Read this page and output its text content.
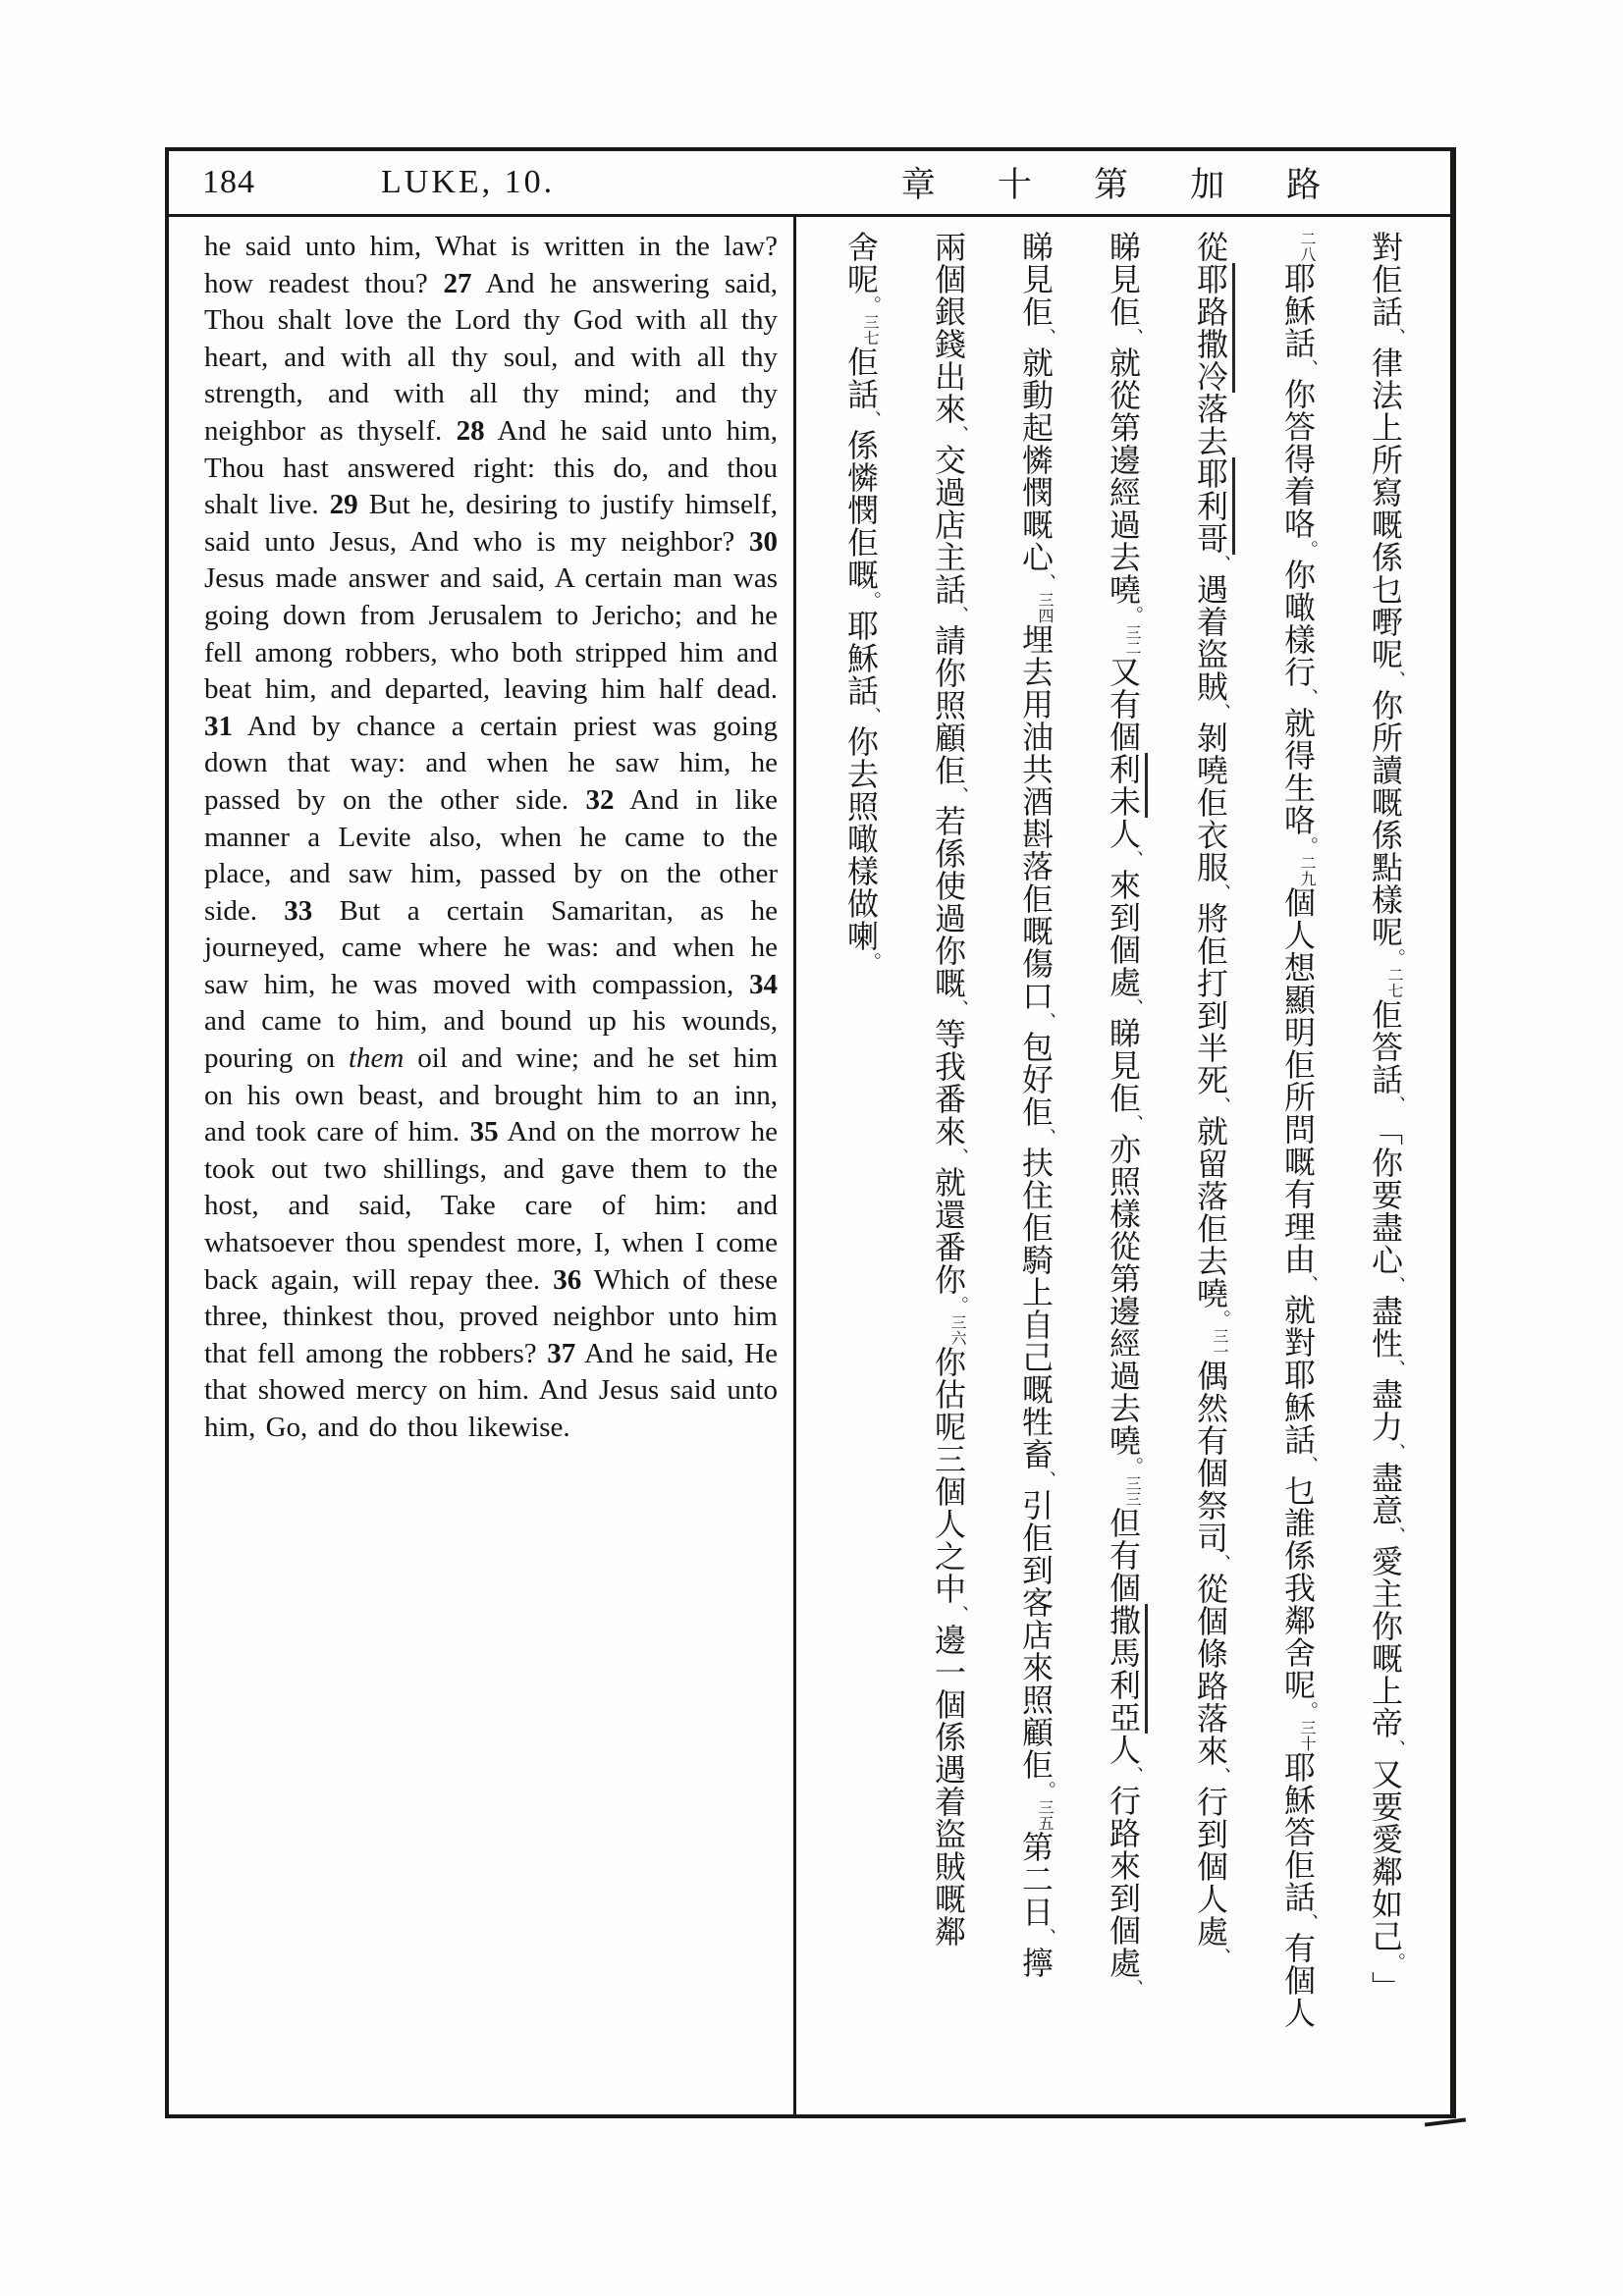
184	LUKE, 10.	章 十 第 加 路

he said unto him, What is written in the law? how readest thou? 27 And he answering said, Thou shalt love the Lord thy God with all thy heart, and with all thy soul, and with all thy strength, and with all thy mind; and thy neighbor as thyself. 28 And he said unto him, Thou hast answered right: this do, and thou shalt live. 29 But he, desiring to justify himself, said unto Jesus, And who is my neighbor? 30 Jesus made answer and said, A certain man was going down from Jerusalem to Jericho; and he fell among robbers, who both stripped him and beat him, and departed, leaving him half dead. 31 And by chance a certain priest was going down that way: and when he saw him, he passed by on the other side. 32 And in like manner a Levite also, when he came to the place, and saw him, passed by on the other side. 33 But a certain Samaritan, as he journeyed, came where he was: and when he saw him, he was moved with compassion, 34 and came to him, and bound up his wounds, pouring on them oil and wine; and he set him on his own beast, and brought him to an inn, and took care of him. 35 And on the morrow he took out two shillings, and gave them to the host, and said, Take care of him: and whatsoever thou spendest more, I, when I come back again, will repay thee. 36 Which of these three, thinkest thou, proved neighbor unto him that fell among the robbers? 37 And he said, He that showed mercy on him. And Jesus said unto him, Go, and do thou likewise.

對佢話、律法上所寫嘅係乜嘢呢、你所讀嘅係點樣呢。二七佢答話、「你要盡心、盡性、盡力、盡意、愛主你嘅上帝、又要愛鄰如己。」
二八耶穌話、你答得着咯。你噉樣行、就得生咯。二九個人想顯明佢所問嘅有理由、就對耶穌話、乜誰係我鄰舍呢。三十耶穌答佢話、有個人
從耶路撒冷落去耶利哥、遇着盜賊、剝嘵佢衣服、將佢打到半死、就留落佢去嘵。三一偶然有個祭司、從個條路落來、行到個人處、
睇見佢、就從第邊經過去嘵。三二又有個利未人、來到個處、睇見佢、亦照樣從第邊經過去嘵。三三但有個撒馬利亞人、行路來到個處、
睇見佢、就動起憐憫嘅心、三四埋去用油共酒斟落佢嘅傷口、包好佢、扶住佢騎上自己嘅牲畜、引佢到客店來照顧佢。三五第二日、擰
兩個銀錢出來、交過店主話、請你照顧佢、若係使過你嘅、等我番來、就還番你。三六你估呢三個人之中、邊一個係遇着盜賊嘅鄰
舍呢。三七佢話、係憐憫佢嘅。耶穌話、你去照噉樣做喇。
